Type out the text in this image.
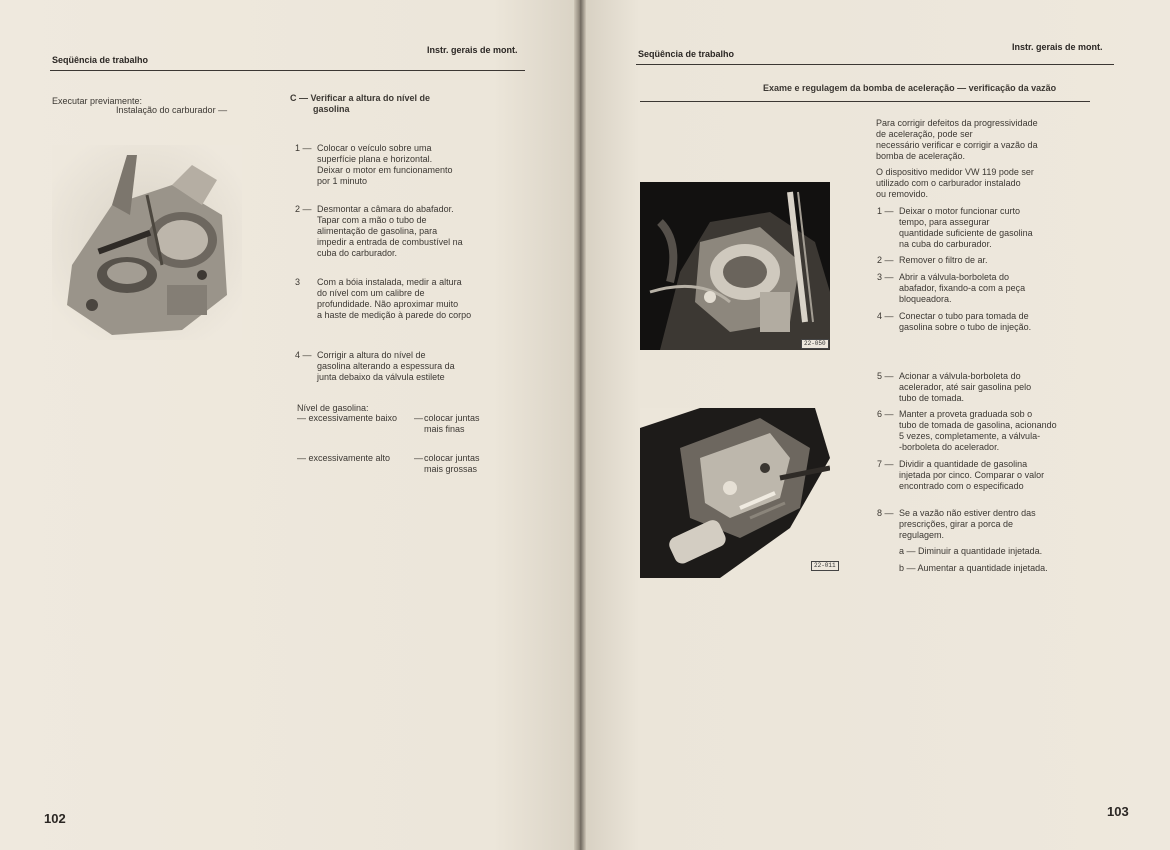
Seqüência de trabalho
Instr. gerais de mont.
Executar previamente:
Instalação do carburador —
C — Verificar a altura do nível de
gasolina
1 — Colocar o veículo sobre uma
superfície plana e horizontal.
Deixar o motor em funcionamento
por 1 minuto
2 — Desmontar a câmara do abafador.
Tapar com a mão o tubo de
alimentação de gasolina, para
impedir a entrada de combustível na
cuba do carburador.
3	Com a bóia instalada, medir a altura
do nível com um calibre de
profundidade. Não aproximar muito
a haste de medição à parede do corpo
4 — Corrigir a altura do nível de
gasolina alterando a espessura da
junta debaixo da válvula estilete
Nível de gasolina:
— excessivamente baixo — colocar juntas
mais finas
— excessivamente alto	— colocar juntas
mais grossas
102
Seqüência de trabalho
Instr. gerais de mont.
Exame e regulagem da bomba de aceleração — verificação da vazão
22-050
22-011
Para corrigir defeitos da progressividade
de aceleração, pode ser
necessário verificar e corrigir a vazão da
bomba de aceleração.
O dispositivo medidor VW 119 pode ser
utilizado com o carburador instalado
ou removido.
1 — Deixar o motor funcionar curto
tempo, para assegurar
quantidade suficiente de gasolina
na cuba do carburador.
2 — Remover o filtro de ar.
3 — Abrir a válvula-borboleta do
abafador, fixando-a com a peça
bloqueadora.
4 — Conectar o tubo para tomada de
gasolina sobre o tubo de injeção.
5 — Acionar a válvula-borboleta do
acelerador, até sair gasolina pelo
tubo de tomada.
6 — Manter a proveta graduada sob o
tubo de tomada de gasolina, acionando
5 vezes, completamente, a válvula-
-borboleta do acelerador.
7 — Dividir a quantidade de gasolina
injetada por cinco. Comparar o valor
encontrado com o especificado
8 — Se a vazão não estiver dentro das
prescrições, girar a porca de
regulagem.
a — Diminuir a quantidade injetada.
b — Aumentar a quantidade injetada.
103
